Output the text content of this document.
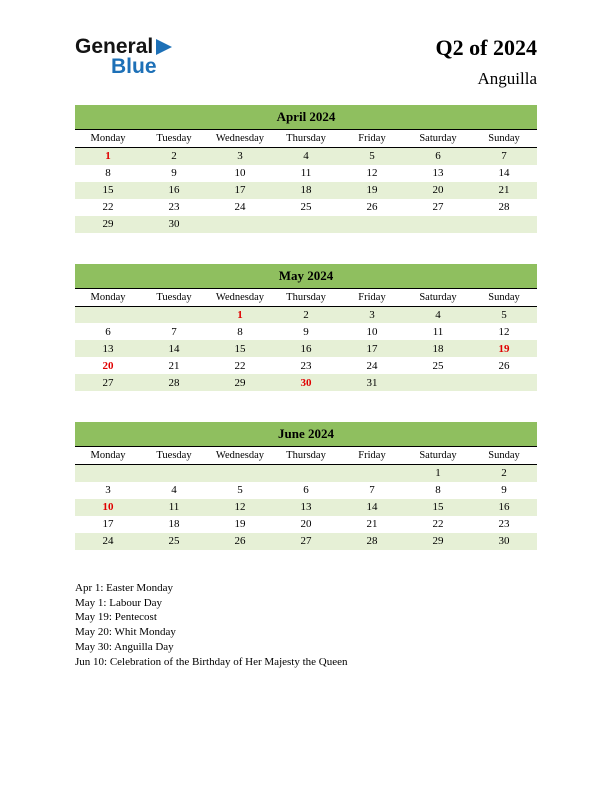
General
Blue
Q2 of 2024
Anguilla
April 2024						
Monday	Tuesday	Wednesday	Thursday	Friday	Saturday	Sunday
1	2	3	4	5	6	7
8	9	10	11	12	13	14
15	16	17	18	19	20	21
22	23	24	25	26	27	28
29	30					
May 2024						
Monday	Tuesday	Wednesday	Thursday	Friday	Saturday	Sunday
		1	2	3	4	5
6	7	8	9	10	11	12
13	14	15	16	17	18	19
20	21	22	23	24	25	26
27	28	29	30	31		
June 2024						
Monday	Tuesday	Wednesday	Thursday	Friday	Saturday	Sunday
					1	2
3	4	5	6	7	8	9
10	11	12	13	14	15	16
17	18	19	20	21	22	23
24	25	26	27	28	29	30
Apr 1: Easter Monday
May 1: Labour Day
May 19: Pentecost
May 20: Whit Monday
May 30: Anguilla Day
Jun 10: Celebration of the Birthday of Her Majesty the Queen
